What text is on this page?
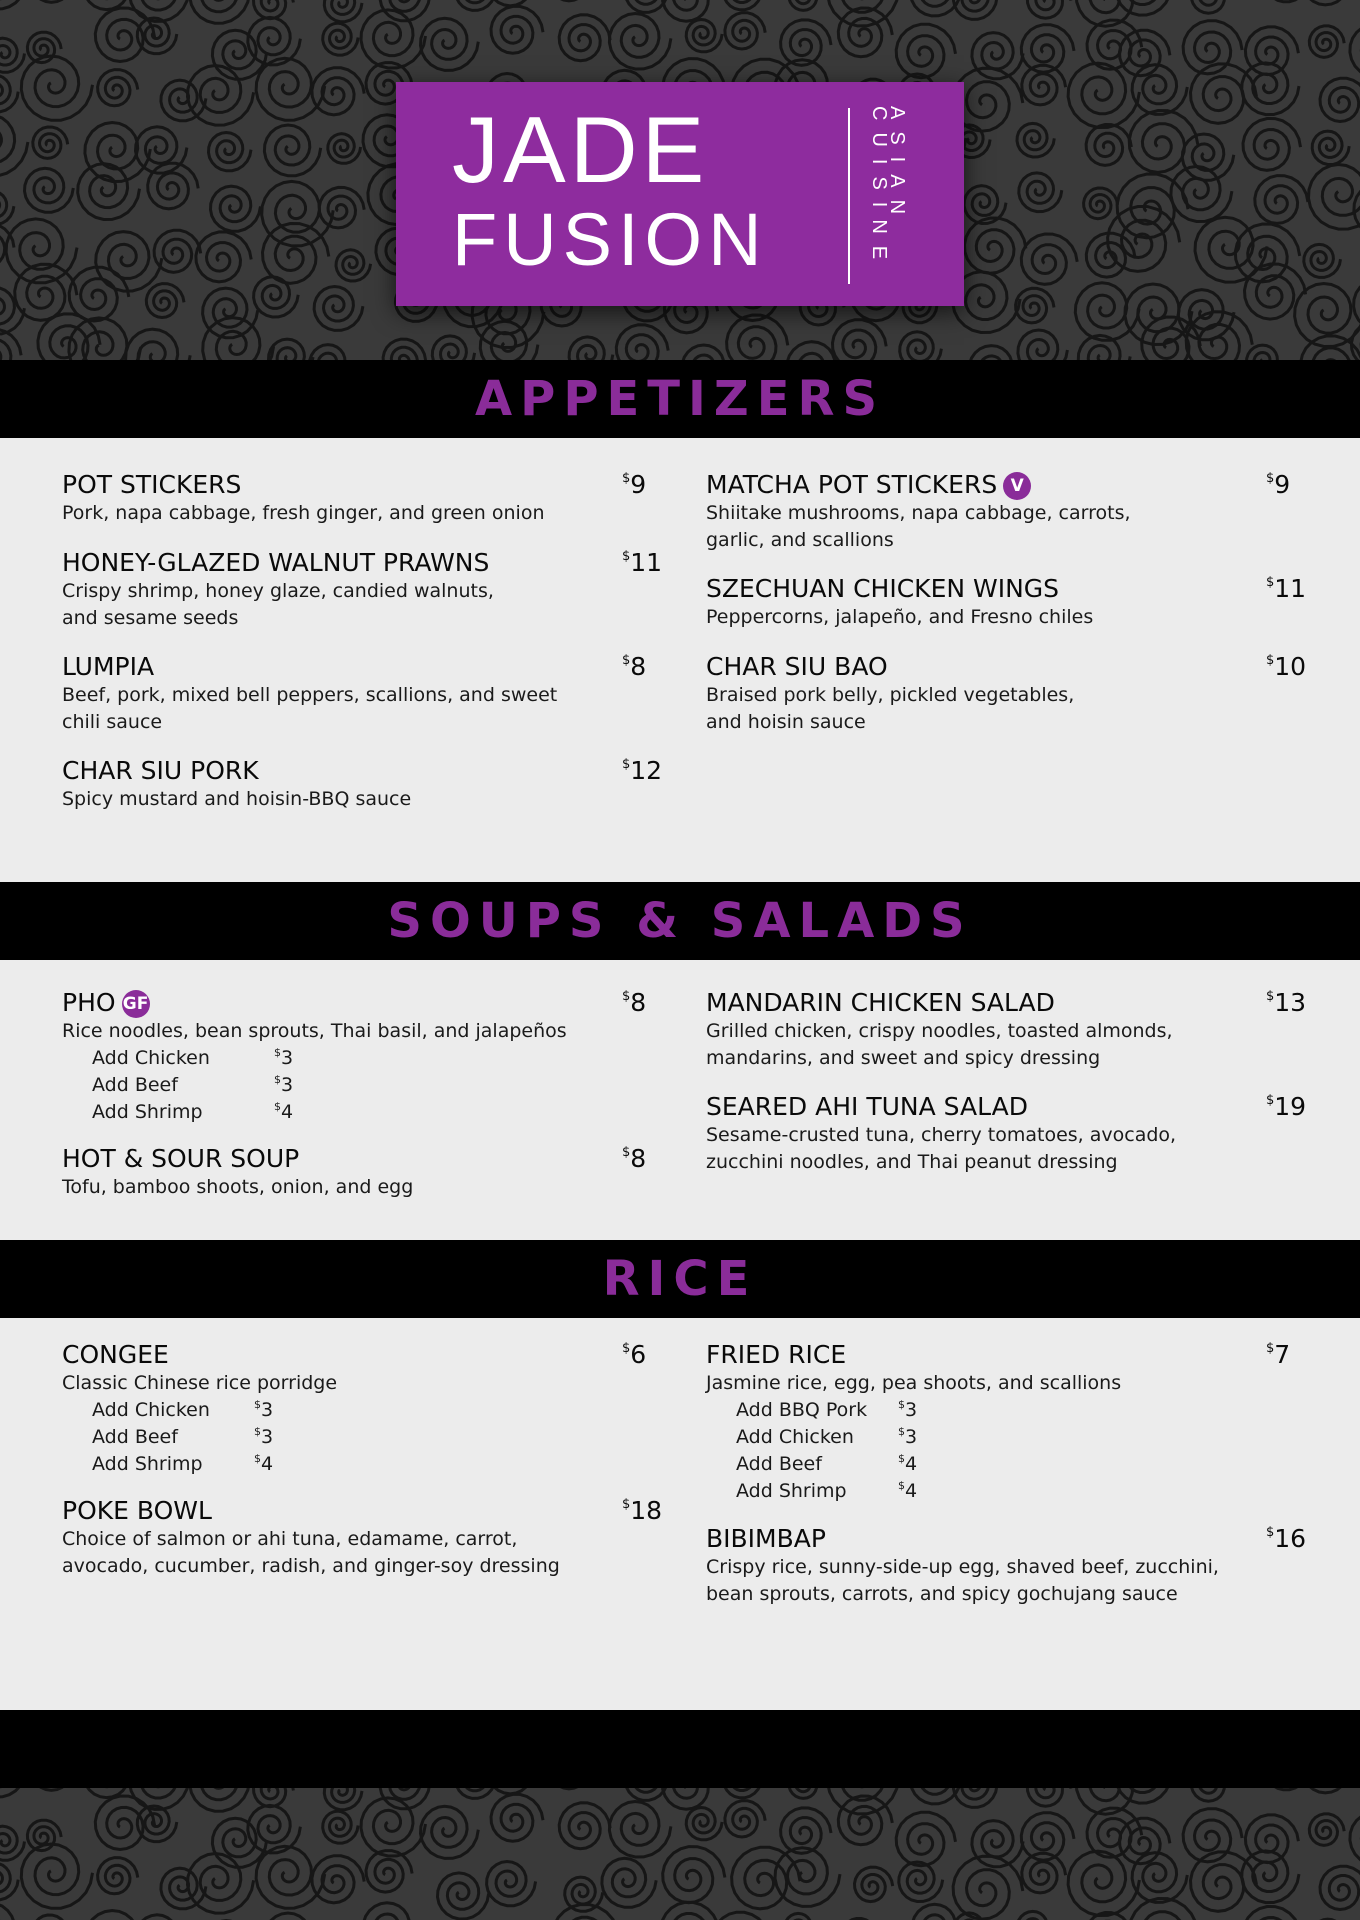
JADE
FUSION
ASIAN CUISINE
APPETIZERS
POT STICKERS
Pork, napa cabbage, fresh ginger, and green onion
$9
HONEY-GLAZED WALNUT PRAWNS
Crispy shrimp, honey glaze, candied walnuts,
and sesame seeds
$11
LUMPIA
Beef, pork, mixed bell peppers, scallions, and sweet
chili sauce
$8
CHAR SIU PORK
Spicy mustard and hoisin-BBQ sauce
$12
MATCHA POT STICKERS V
Shiitake mushrooms, napa cabbage, carrots,
garlic, and scallions
$9
SZECHUAN CHICKEN WINGS
Peppercorns, jalapeño, and Fresno chiles
$11
CHAR SIU BAO
Braised pork belly, pickled vegetables,
and hoisin sauce
$10
SOUPS & SALADS
PHO GF
Rice noodles, bean sprouts, Thai basil, and jalapeños
Add Chicken	$3
Add Beef	$3
Add Shrimp	$4
$8
HOT & SOUR SOUP
Tofu, bamboo shoots, onion, and egg
$8
MANDARIN CHICKEN SALAD
Grilled chicken, crispy noodles, toasted almonds,
mandarins, and sweet and spicy dressing
$13
SEARED AHI TUNA SALAD
Sesame-crusted tuna, cherry tomatoes, avocado,
zucchini noodles, and Thai peanut dressing
$19
RICE
CONGEE
Classic Chinese rice porridge
Add Chicken	$3
Add Beef	$3
Add Shrimp	$4
$6
POKE BOWL
Choice of salmon or ahi tuna, edamame, carrot,
avocado, cucumber, radish, and ginger-soy dressing
$18
FRIED RICE
Jasmine rice, egg, pea shoots, and scallions
Add BBQ Pork	$3
Add Chicken	$3
Add Beef	$4
Add Shrimp	$4
$7
BIBIMBAP
Crispy rice, sunny-side-up egg, shaved beef, zucchini,
bean sprouts, carrots, and spicy gochujang sauce
$16
